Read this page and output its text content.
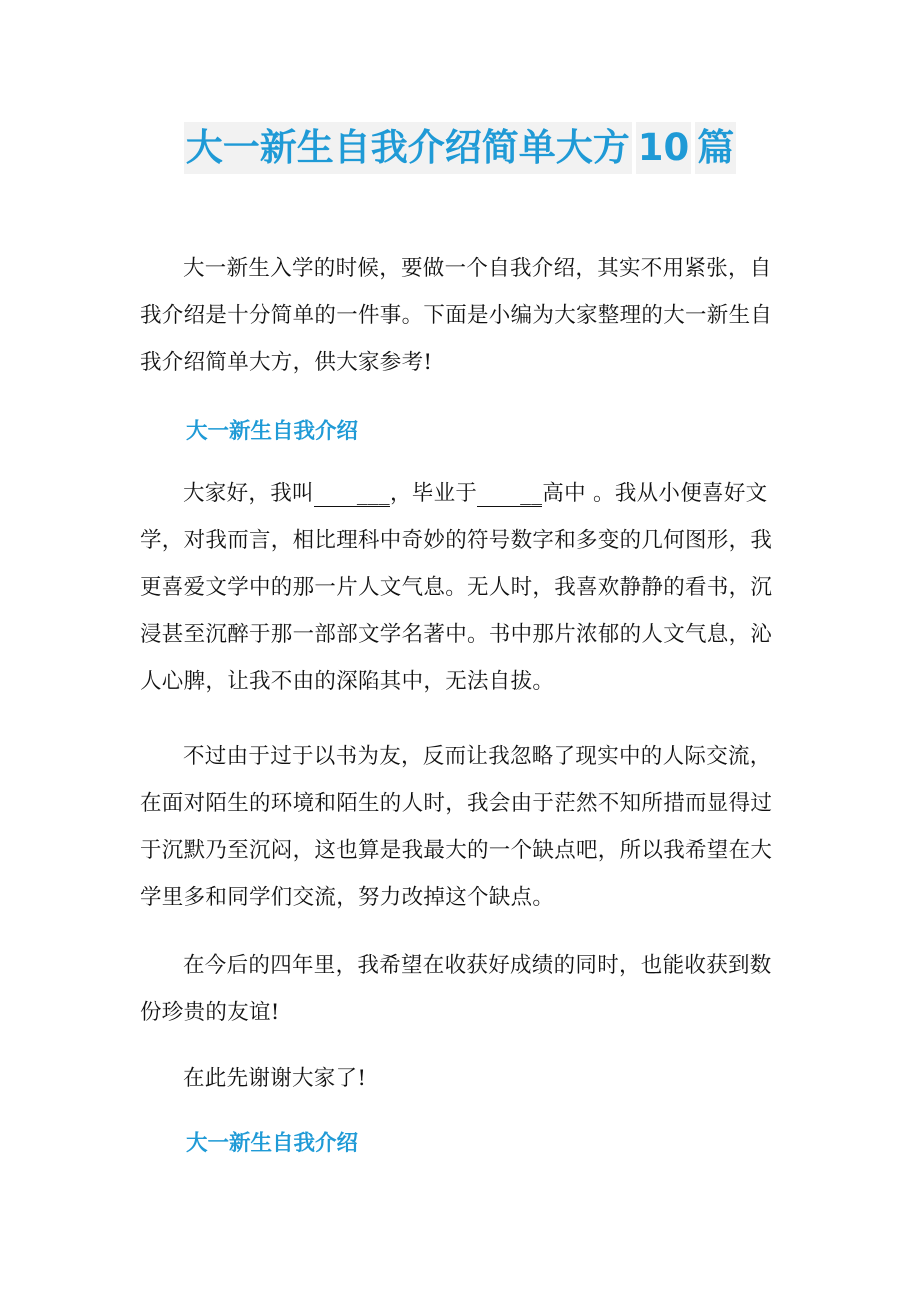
大一新生自我介绍简单大方 10 篇

大一新生入学的时候，要做一个自我介绍，其实不用紧张，自我介绍是十分简单的一件事。下面是小编为大家整理的大一新生自我介绍简单大方，供大家参考!

大一新生自我介绍

大家好，我叫 ___，毕业于 __高中 。我从小便喜好文学，对我而言，相比理科中奇妙的符号数字和多变的几何图形，我更喜爱文学中的那一片人文气息。无人时，我喜欢静静的看书，沉浸甚至沉醉于那一部部文学名著中。书中那片浓郁的人文气息，沁人心脾，让我不由的深陷其中，无法自拔。

不过由于过于以书为友，反而让我忽略了现实中的人际交流，在面对陌生的环境和陌生的人时，我会由于茫然不知所措而显得过于沉默乃至沉闷，这也算是我最大的一个缺点吧，所以我希望在大学里多和同学们交流，努力改掉这个缺点。

在今后的四年里，我希望在收获好成绩的同时，也能收获到数份珍贵的友谊!

在此先谢谢大家了!

大一新生自我介绍
